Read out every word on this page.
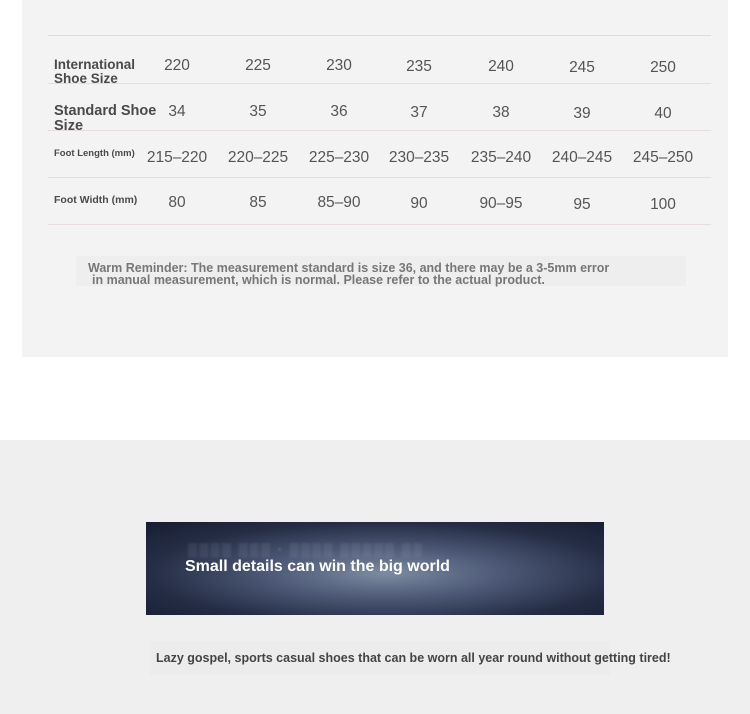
International
Shoe Size
220	225	230	235	240	245	250
Standard Shoe
Size
34	35	36	37	38	39	40
Foot Length (mm) 215–220	220–225	225–230	230–235	235–240	240–245	245–250
Foot Width (mm)	80	85	85–90	90	90–95	95	100
Warm Reminder: The measurement standard is size 36, and there may be a 3-5mm error
in manual measurement, which is normal. Please refer to the actual product.
▒▒▒▒ ▒▒▒ · ▒▒▒▒ ▒▒▒▒▒ ▒▒
Small details can win the big world
Lazy gospel, sports casual shoes that can be worn all year round without getting tired!
